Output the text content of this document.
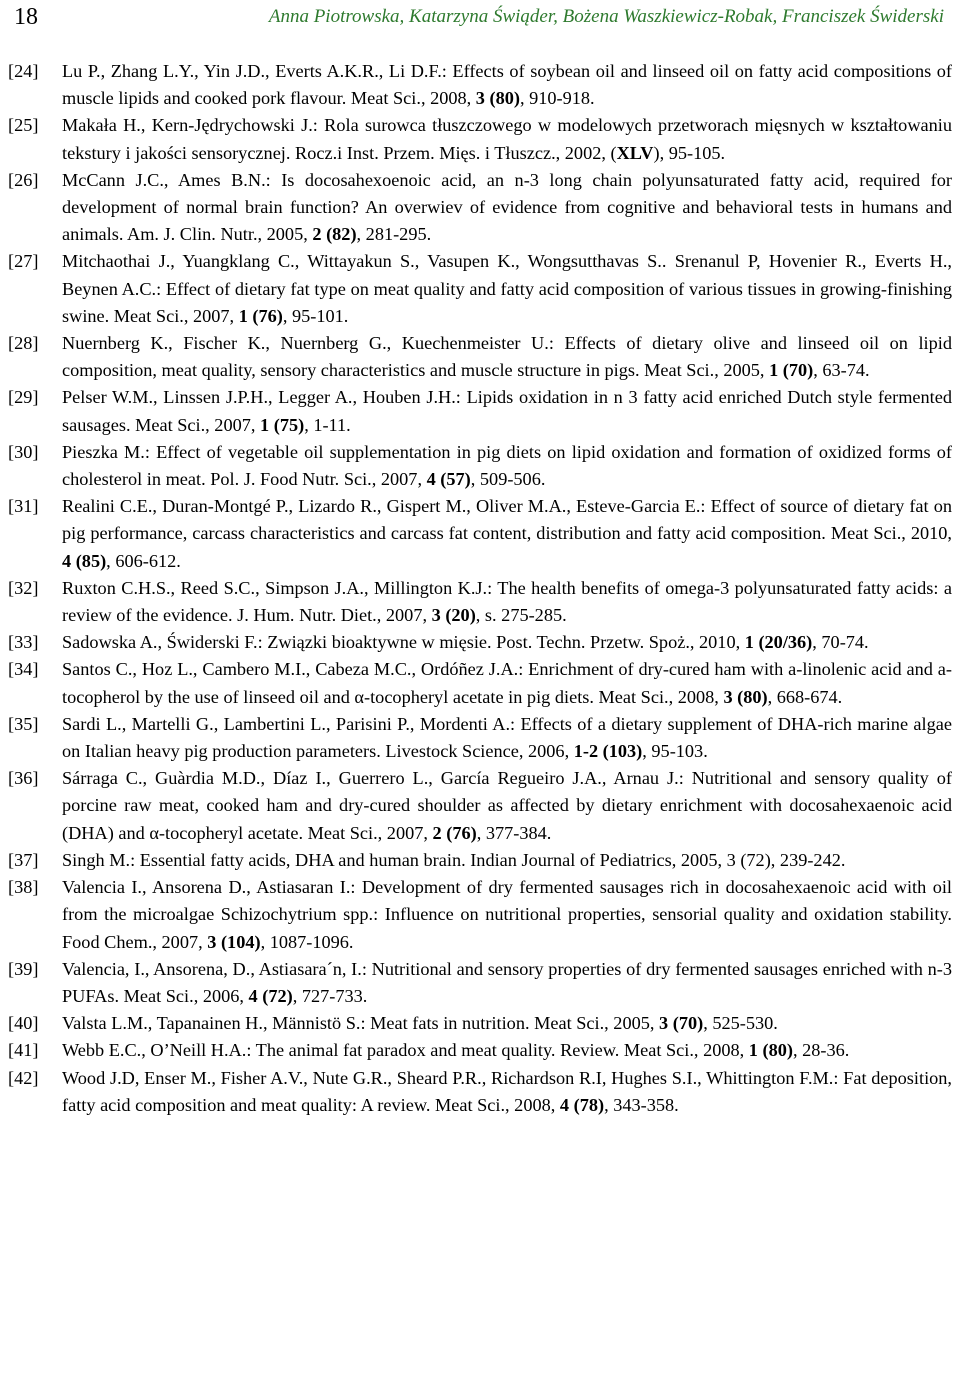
18	Anna Piotrowska, Katarzyna Świąder, Bożena Waszkiewicz-Robak, Franciszek Świderski
[24] Lu P., Zhang L.Y., Yin J.D., Everts A.K.R., Li D.F.: Effects of soybean oil and linseed oil on fatty acid compositions of muscle lipids and cooked pork flavour. Meat Sci., 2008, 3 (80), 910-918.
[25] Makała H., Kern-Jędrychowski J.: Rola surowca tłuszczowego w modelowych przetworach mięsnych w kształtowaniu tekstury i jakości sensorycznej. Rocz.i Inst. Przem. Mięs. i Tłuszcz., 2002, (XLV), 95-105.
[26] McCann J.C., Ames B.N.: Is docosahexoenoic acid, an n-3 long chain polyunsaturated fatty acid, required for development of normal brain function? An overwiev of evidence from cognitive and behavioral tests in humans and animals. Am. J. Clin. Nutr., 2005, 2 (82), 281-295.
[27] Mitchaothai J., Yuangklang C., Wittayakun S., Vasupen K., Wongsutthavas S.. Srenanul P, Hovenier R., Everts H., Beynen A.C.: Effect of dietary fat type on meat quality and fatty acid composition of various tissues in growing-finishing swine. Meat Sci., 2007, 1 (76), 95-101.
[28] Nuernberg K., Fischer K., Nuernberg G., Kuechenmeister U.: Effects of dietary olive and linseed oil on lipid composition, meat quality, sensory characteristics and muscle structure in pigs. Meat Sci., 2005, 1 (70), 63-74.
[29] Pelser W.M., Linssen J.P.H., Legger A., Houben J.H.: Lipids oxidation in n 3 fatty acid enriched Dutch style fermented sausages. Meat Sci., 2007, 1 (75), 1-11.
[30] Pieszka M.: Effect of vegetable oil supplementation in pig diets on lipid oxidation and formation of oxidized forms of cholesterol in meat. Pol. J. Food Nutr. Sci., 2007, 4 (57), 509-506.
[31] Realini C.E., Duran-Montgé P., Lizardo R., Gispert M., Oliver M.A., Esteve-Garcia E.: Effect of source of dietary fat on pig performance, carcass characteristics and carcass fat content, distribution and fatty acid composition. Meat Sci., 2010, 4 (85), 606-612.
[32] Ruxton C.H.S., Reed S.C., Simpson J.A., Millington K.J.: The health benefits of omega-3 polyunsaturated fatty acids: a review of the evidence. J. Hum. Nutr. Diet., 2007, 3 (20), s. 275-285.
[33] Sadowska A., Świderski F.: Związki bioaktywne w mięsie. Post. Techn. Przetw. Spoż., 2010, 1 (20/36), 70-74.
[34] Santos C., Hoz L., Cambero M.I., Cabeza M.C., Ordóñez J.A.: Enrichment of dry-cured ham with a-linolenic acid and a-tocopherol by the use of linseed oil and α-tocopheryl acetate in pig diets. Meat Sci., 2008, 3 (80), 668-674.
[35] Sardi L., Martelli G., Lambertini L., Parisini P., Mordenti A.: Effects of a dietary supplement of DHA-rich marine algae on Italian heavy pig production parameters. Livestock Science, 2006, 1-2 (103), 95-103.
[36] Sárraga C., Guàrdia M.D., Díaz I., Guerrero L., García Regueiro J.A., Arnau J.: Nutritional and sensory quality of porcine raw meat, cooked ham and dry-cured shoulder as affected by dietary enrichment with docosahexaenoic acid (DHA) and α-tocopheryl acetate. Meat Sci., 2007, 2 (76), 377-384.
[37] Singh M.: Essential fatty acids, DHA and human brain. Indian Journal of Pediatrics, 2005, 3 (72), 239-242.
[38] Valencia I., Ansorena D., Astiasaran I.: Development of dry fermented sausages rich in docosahexaenoic acid with oil from the microalgae Schizochytrium spp.: Influence on nutritional properties, sensorial quality and oxidation stability. Food Chem., 2007, 3 (104), 1087-1096.
[39] Valencia, I., Ansorena, D., Astiasara´n, I.: Nutritional and sensory properties of dry fermented sausages enriched with n-3 PUFAs. Meat Sci., 2006, 4 (72), 727-733.
[40] Valsta L.M., Tapanainen H., Männistö S.: Meat fats in nutrition. Meat Sci., 2005, 3 (70), 525-530.
[41] Webb E.C., O’Neill H.A.: The animal fat paradox and meat quality. Review. Meat Sci., 2008, 1 (80), 28-36.
[42] Wood J.D, Enser M., Fisher A.V., Nute G.R., Sheard P.R., Richardson R.I, Hughes S.I., Whittington F.M.: Fat deposition, fatty acid composition and meat quality: A review. Meat Sci., 2008, 4 (78), 343-358.
